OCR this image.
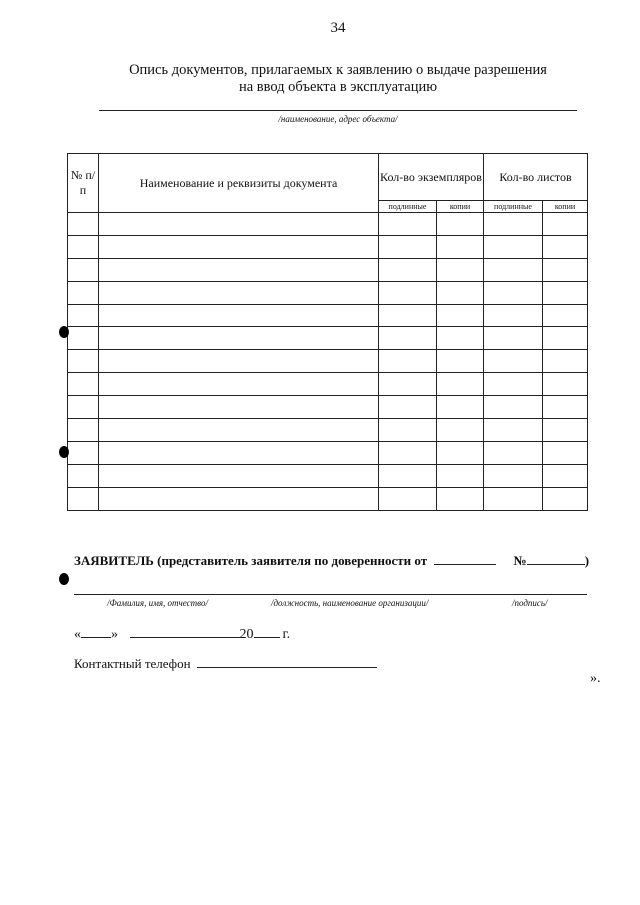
34
Опись документов, прилагаемых к заявлению о выдаче разрешения
на ввод объекта в эксплуатацию
/наименование, адрес объекта/
№ п/п	Наименование и реквизиты документа	Кол-во экземпляров		Кол-во листов	
		подлинные	копии	подлинные	копии

ЗАЯВИТЕЛЬ (представитель заявителя по доверенности от	№	)
/Фамилия, имя, отчество/	/должность, наименование организации/	/подпись/
« »	20 г.
Контактный телефон
».
